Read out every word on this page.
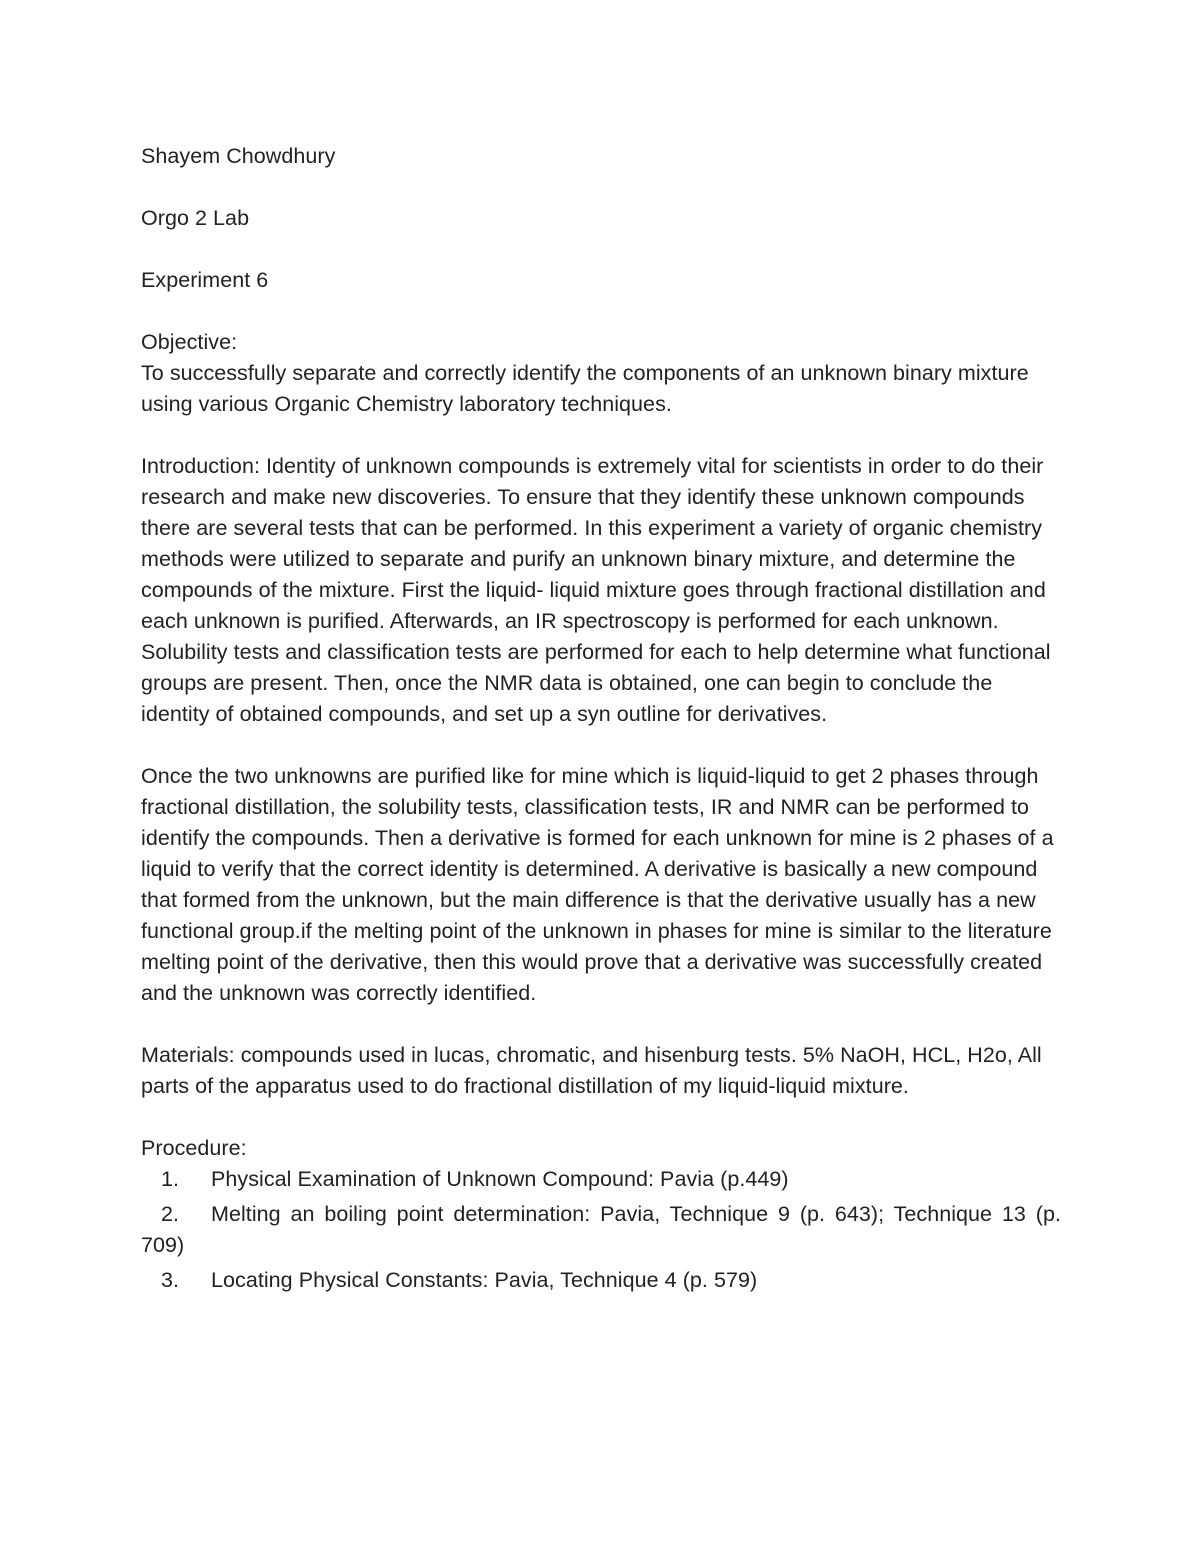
Shayem Chowdhury

Orgo 2 Lab

Experiment 6

Objective:

To successfully separate and correctly identify the components of an unknown binary mixture using various Organic Chemistry laboratory techniques.

Introduction: Identity of unknown compounds is extremely vital for scientists in order to do their research and make new discoveries. To ensure that they identify these unknown compounds there are several tests that can be performed. In this experiment a variety of organic chemistry methods were utilized to separate and purify an unknown binary mixture, and determine the compounds of the mixture. First the liquid- liquid mixture goes through fractional distillation and each unknown is purified. Afterwards, an IR spectroscopy is performed for each unknown. Solubility tests and classification tests are performed for each to help determine what functional groups are present. Then, once the NMR data is obtained, one can begin to conclude the identity of obtained compounds, and set up a syn outline for derivatives.

Once the two unknowns are purified like for mine which is liquid-liquid to get 2 phases through fractional distillation, the solubility tests, classification tests, IR and NMR can be performed to identify the compounds. Then a derivative is formed for each unknown for mine is 2 phases of a liquid to verify that the correct identity is determined. A derivative is basically a new compound that formed from the unknown, but the main difference is that the derivative usually has a new functional group.if the melting point of the unknown in phases for mine is similar to the literature melting point of the derivative, then this would prove that a derivative was successfully created and the unknown was correctly identified.

Materials: compounds used in lucas, chromatic, and hisenburg tests. 5% NaOH, HCL, H2o, All parts of the apparatus used to do fractional distillation of my liquid-liquid mixture.

Procedure:

1. Physical Examination of Unknown Compound: Pavia (p.449)
2. Melting an boiling point determination: Pavia, Technique 9 (p. 643); Technique 13 (p. 709)
3. Locating Physical Constants: Pavia, Technique 4 (p. 579)
